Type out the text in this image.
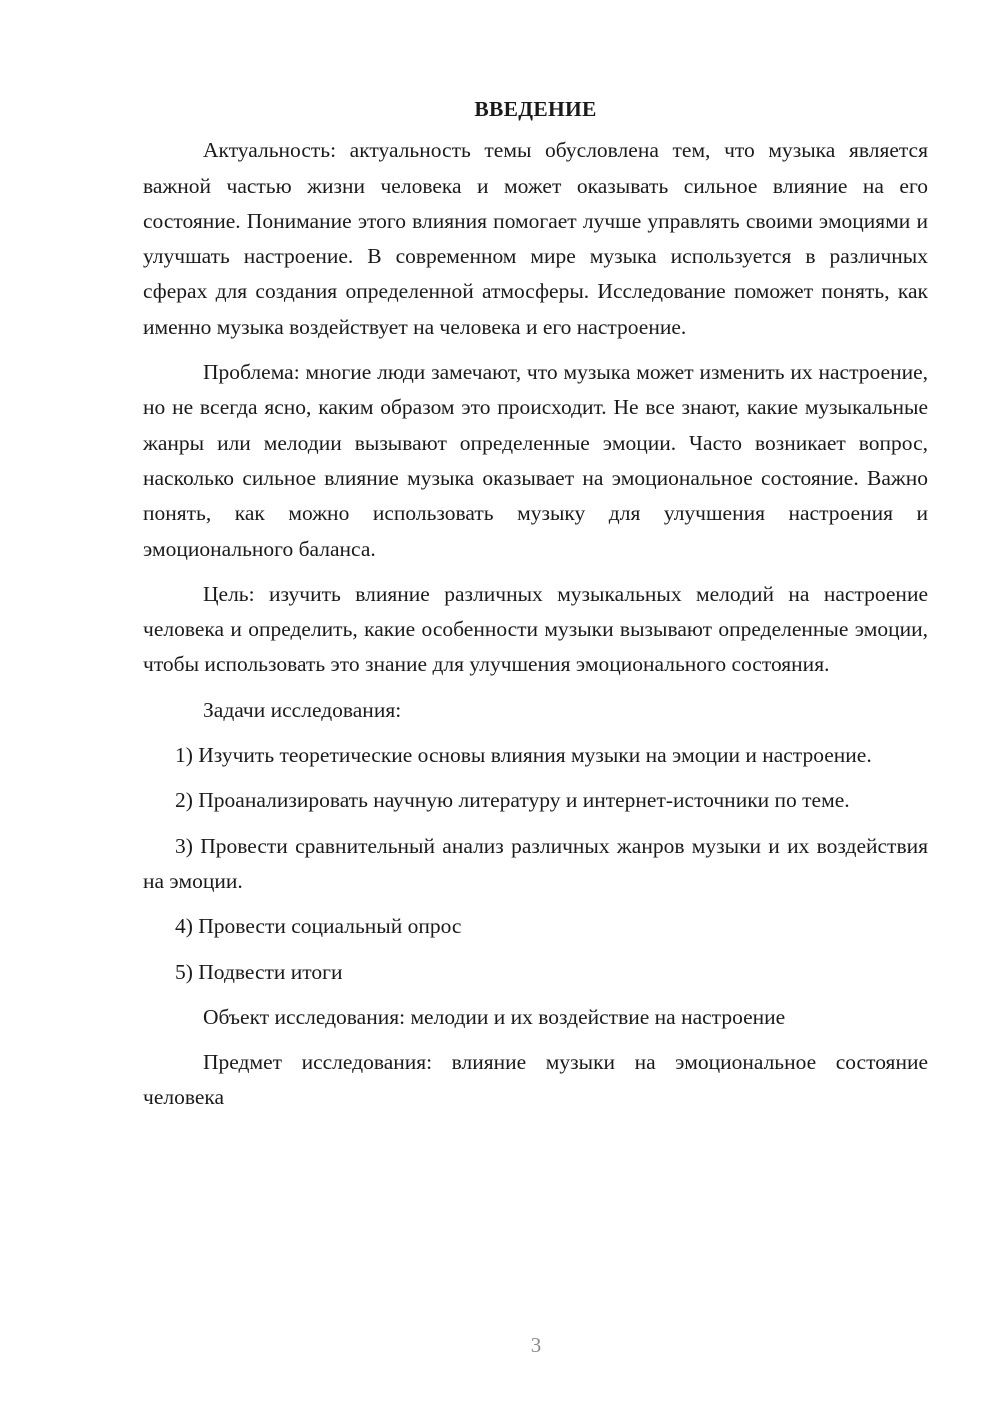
ВВЕДЕНИЕ

Актуальность: актуальность темы обусловлена тем, что музыка является важной частью жизни человека и может оказывать сильное влияние на его состояние. Понимание этого влияния помогает лучше управлять своими эмоциями и улучшать настроение. В современном мире музыка используется в различных сферах для создания определенной атмосферы. Исследование поможет понять, как именно музыка воздействует на человека и его настроение.

Проблема: многие люди замечают, что музыка может изменить их настроение, но не всегда ясно, каким образом это происходит. Не все знают, какие музыкальные жанры или мелодии вызывают определенные эмоции. Часто возникает вопрос, насколько сильное влияние музыка оказывает на эмоциональное состояние. Важно понять, как можно использовать музыку для улучшения настроения и эмоционального баланса.

Цель: изучить влияние различных музыкальных мелодий на настроение человека и определить, какие особенности музыки вызывают определенные эмоции, чтобы использовать это знание для улучшения эмоционального состояния.

Задачи исследования:

1) Изучить теоретические основы влияния музыки на эмоции и настроение.

2) Проанализировать научную литературу и интернет-источники по теме.

3) Провести сравнительный анализ различных жанров музыки и их воздействия на эмоции.

4) Провести социальный опрос

5) Подвести итоги

Объект исследования: мелодии и их воздействие на настроение

Предмет исследования: влияние музыки на эмоциональное состояние человека

3
